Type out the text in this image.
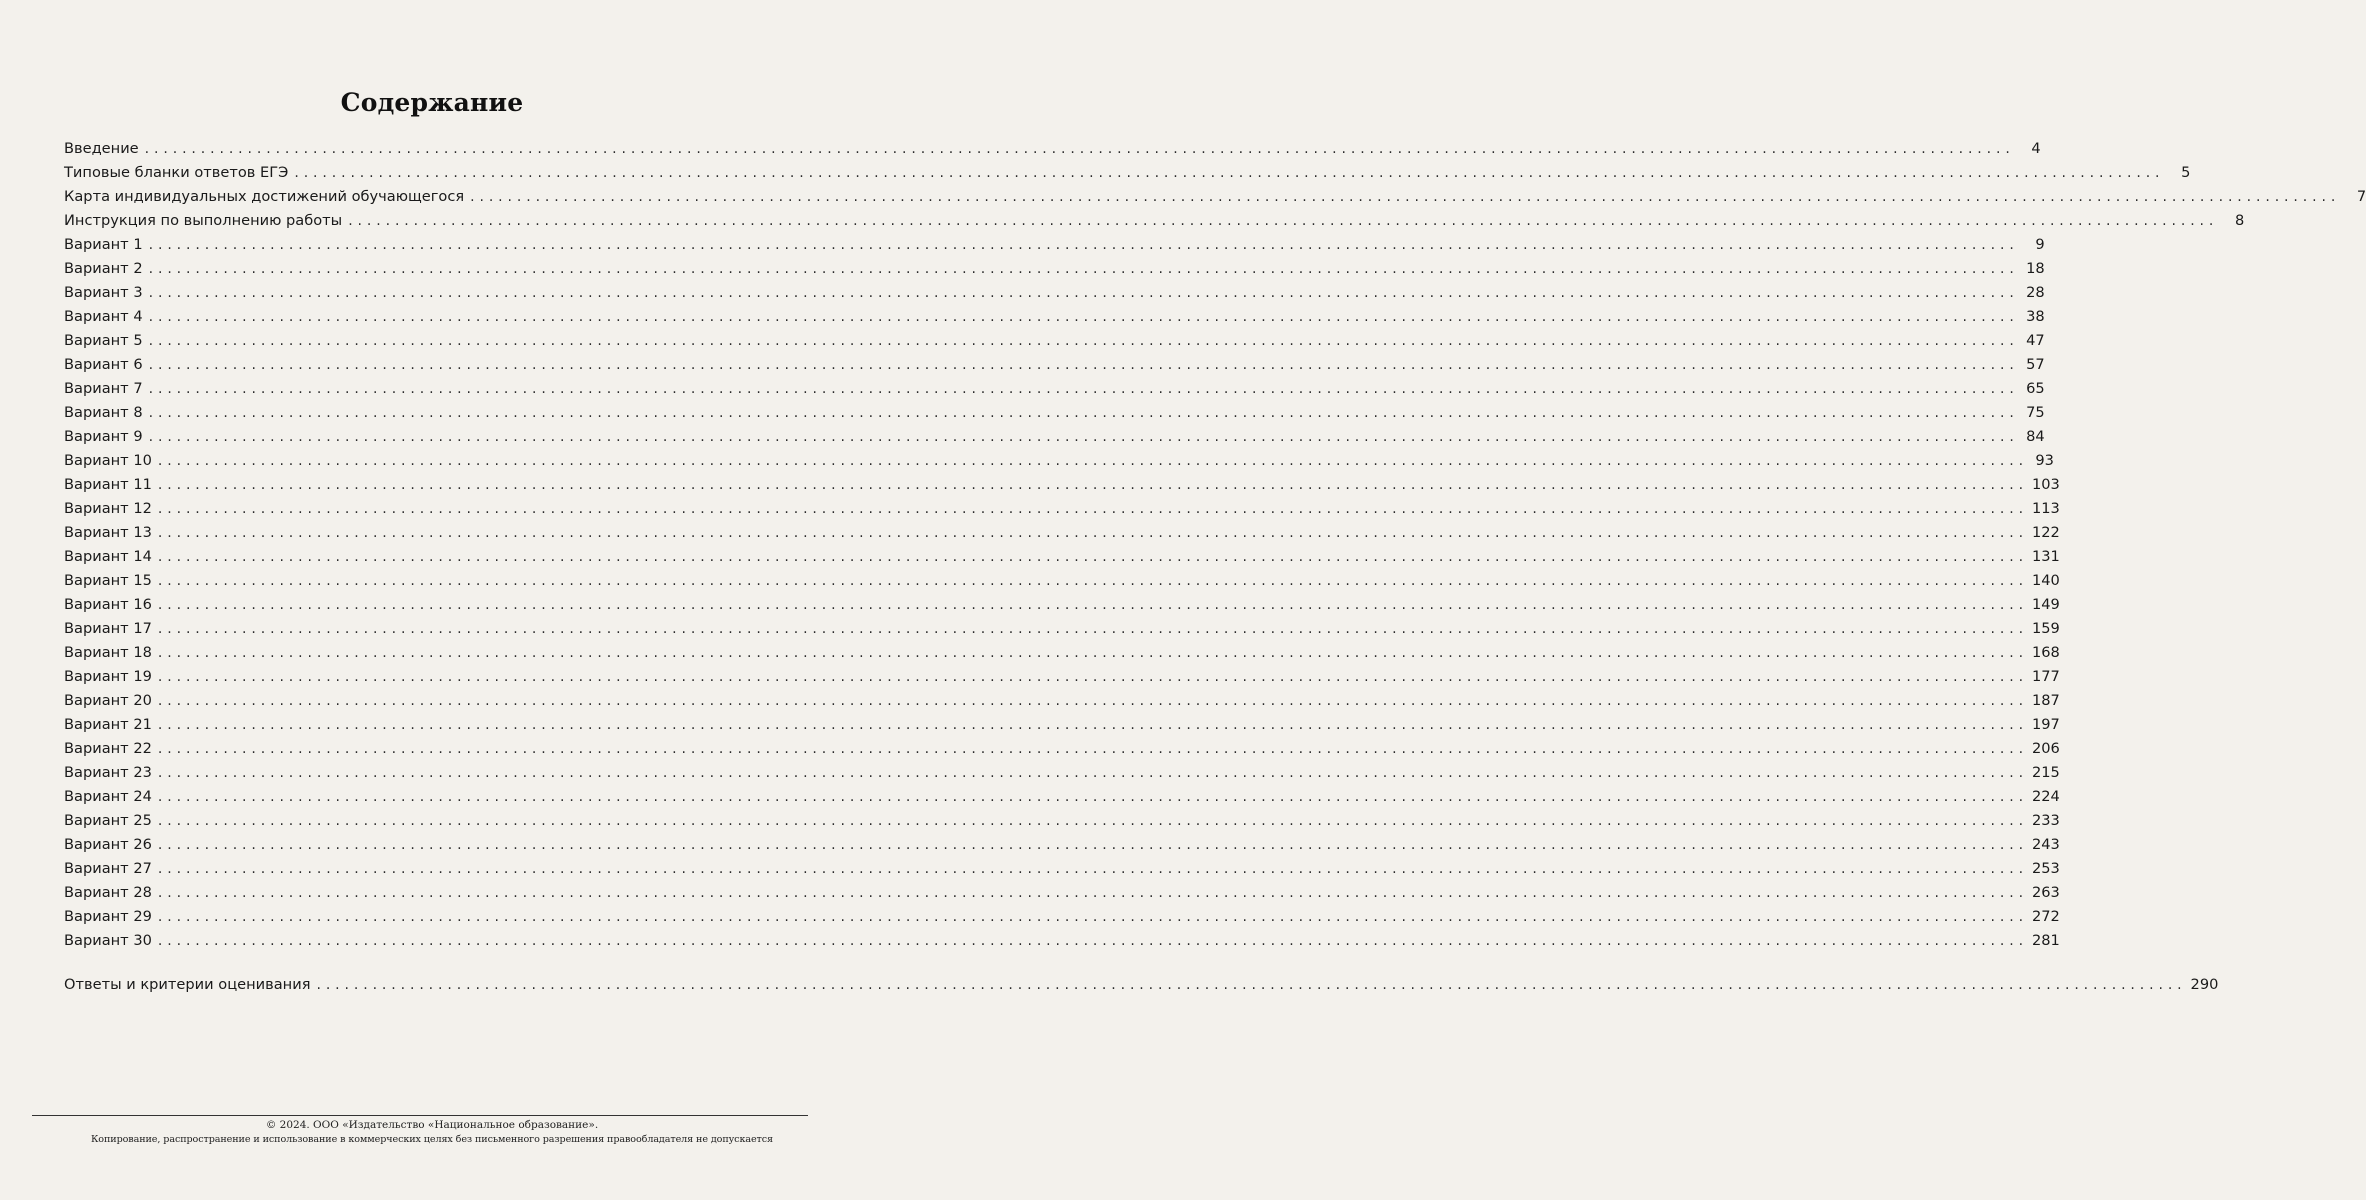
Содержание
Введение ........................................................................................................................................................................................................	4
Типовые бланки ответов ЕГЭ ........................................................................................................................................................................................................	5
Карта индивидуальных достижений обучающегося ........................................................................................................................................................................................................	7
Инструкция по выполнению работы ........................................................................................................................................................................................................	8
Вариант 1 ........................................................................................................................................................................................................	9
Вариант 2 ........................................................................................................................................................................................................ 18
Вариант 3 ........................................................................................................................................................................................................ 28
Вариант 4 ........................................................................................................................................................................................................ 38
Вариант 5 ........................................................................................................................................................................................................ 47
Вариант 6 ........................................................................................................................................................................................................ 57
Вариант 7 ........................................................................................................................................................................................................ 65
Вариант 8 ........................................................................................................................................................................................................ 75
Вариант 9 ........................................................................................................................................................................................................ 84
Вариант 10 ........................................................................................................................................................................................................ 93
Вариант 11 ........................................................................................................................................................................................................ 103
Вариант 12 ........................................................................................................................................................................................................ 113
Вариант 13 ........................................................................................................................................................................................................ 122
Вариант 14 ........................................................................................................................................................................................................ 131
Вариант 15 ........................................................................................................................................................................................................ 140
Вариант 16 ........................................................................................................................................................................................................ 149
Вариант 17 ........................................................................................................................................................................................................ 159
Вариант 18 ........................................................................................................................................................................................................ 168
Вариант 19 ........................................................................................................................................................................................................ 177
Вариант 20 ........................................................................................................................................................................................................ 187
Вариант 21 ........................................................................................................................................................................................................ 197
Вариант 22 ........................................................................................................................................................................................................ 206
Вариант 23 ........................................................................................................................................................................................................ 215
Вариант 24 ........................................................................................................................................................................................................ 224
Вариант 25 ........................................................................................................................................................................................................ 233
Вариант 26 ........................................................................................................................................................................................................ 243
Вариант 27 ........................................................................................................................................................................................................ 253
Вариант 28 ........................................................................................................................................................................................................ 263
Вариант 29 ........................................................................................................................................................................................................ 272
Вариант 30 ........................................................................................................................................................................................................ 281
Ответы и критерии оценивания ........................................................................................................................................................................................................ 290
© 2024. ООО «Издательство «Национальное образование».
Копирование, распространение и использование в коммерческих целях без письменного разрешения правообладателя не допускается
